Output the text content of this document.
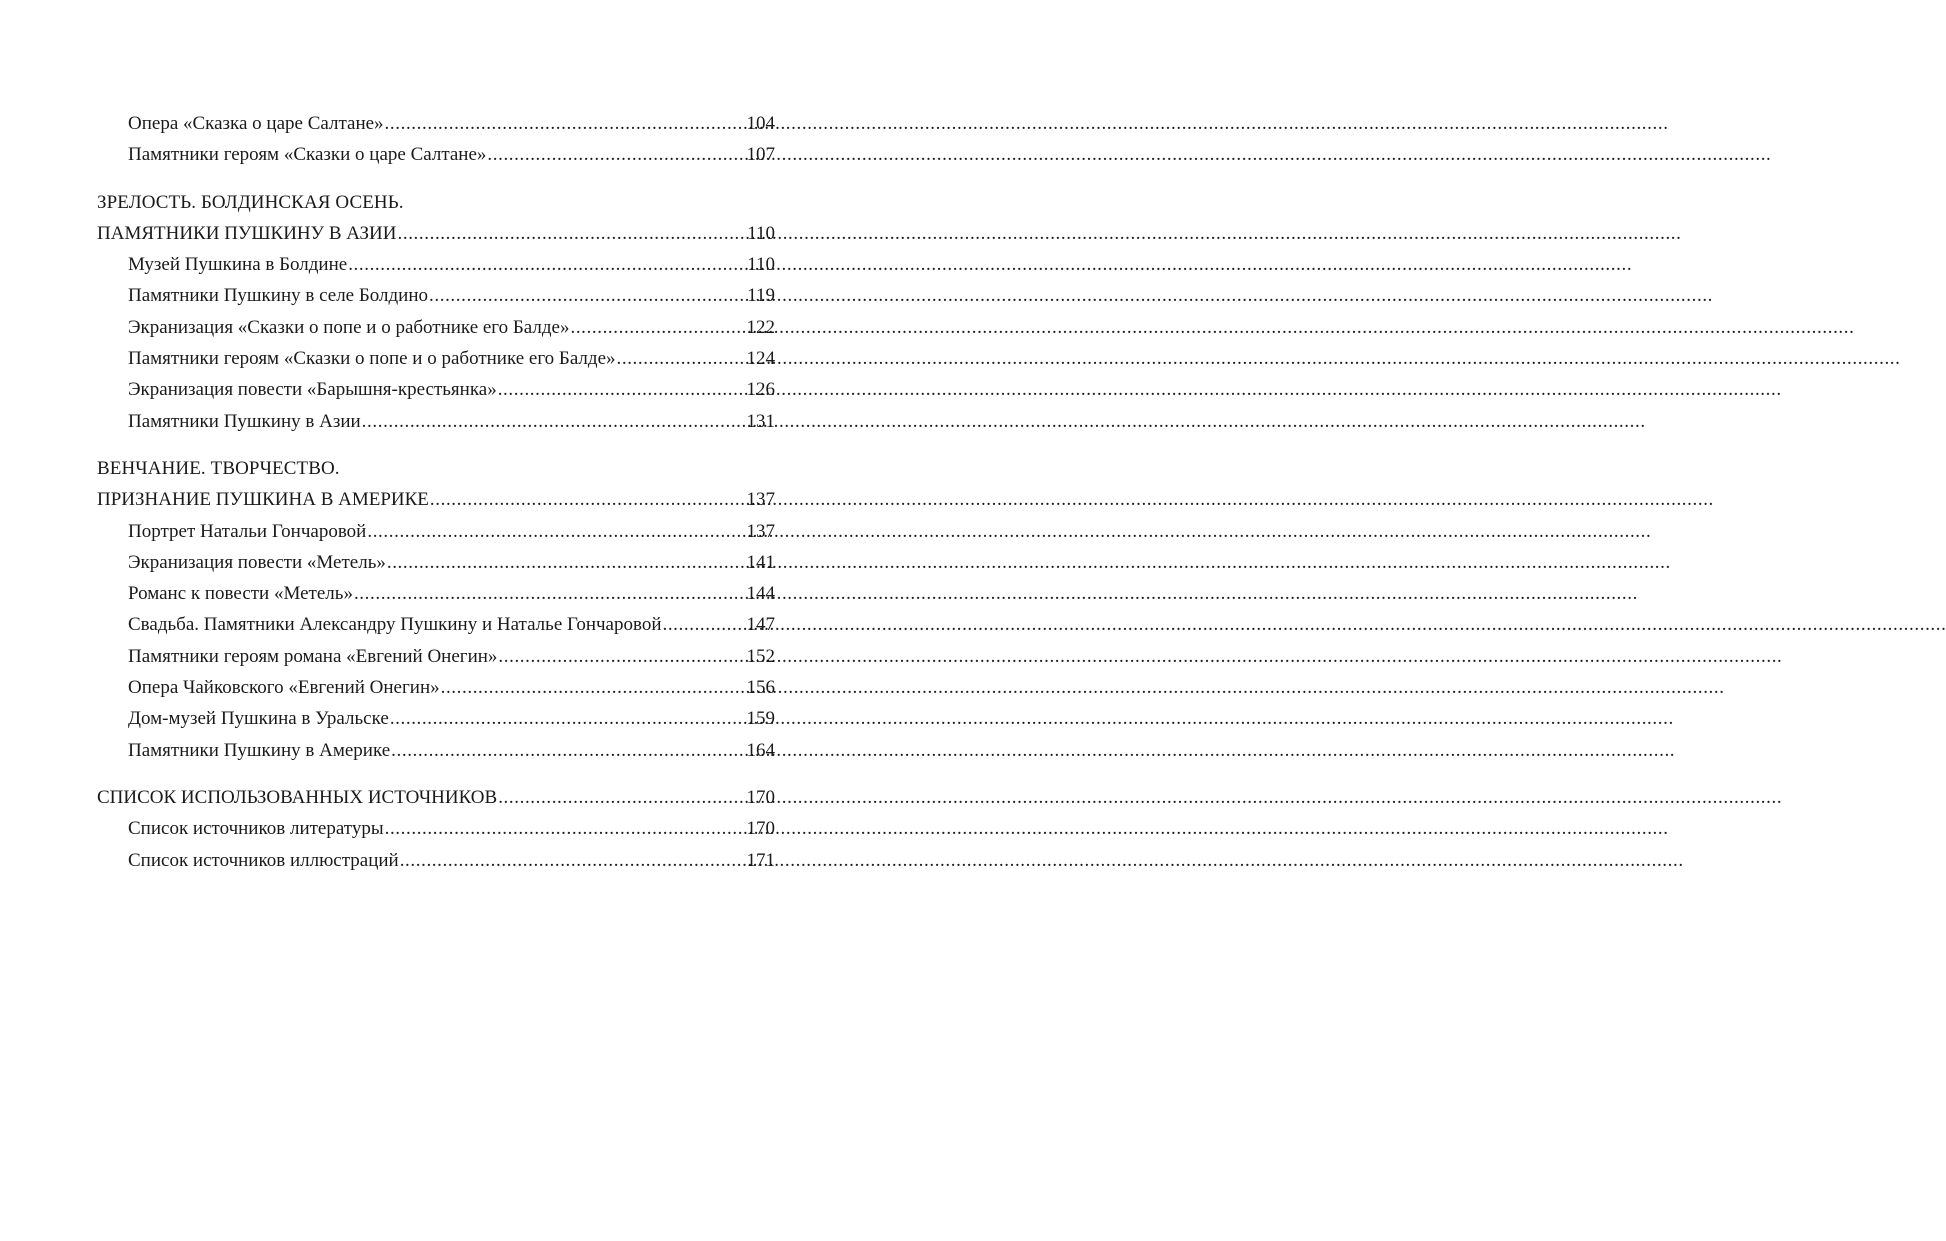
Опера «Сказка о царе Салтане» .....	104
Памятники героям «Сказки о царе Салтане» .....	107
ЗРЕЛОСТЬ. БОЛДИНСКАЯ ОСЕНЬ.
ПАМЯТНИКИ ПУШКИНУ В АЗИИ .....	110
Музей Пушкина в Болдине .....	110
Памятники Пушкину в селе Болдино .....	119
Экранизация «Сказки о попе и о работнике его Балде» .....	122
Памятники героям «Сказки о попе и о работнике его Балде» .....	124
Экранизация повести «Барышня-крестьянка» .....	126
Памятники Пушкину в Азии .....	131
ВЕНЧАНИЕ. ТВОРЧЕСТВО.
ПРИЗНАНИЕ ПУШКИНА В АМЕРИКЕ .....	137
Портрет Натальи Гончаровой .....	137
Экранизация повести «Метель» .....	141
Романс к повести «Метель» .....	144
Свадьба. Памятники Александру Пушкину и Наталье Гончаровой .....	147
Памятники героям романа «Евгений Онегин» .....	152
Опера Чайковского «Евгений Онегин» .....	156
Дом-музей Пушкина в Уральске .....	159
Памятники Пушкину в Америке .....	164
СПИСОК ИСПОЛЬЗОВАННЫХ ИСТОЧНИКОВ .....	170
Список источников литературы .....	170
Список источников иллюстраций .....	171
